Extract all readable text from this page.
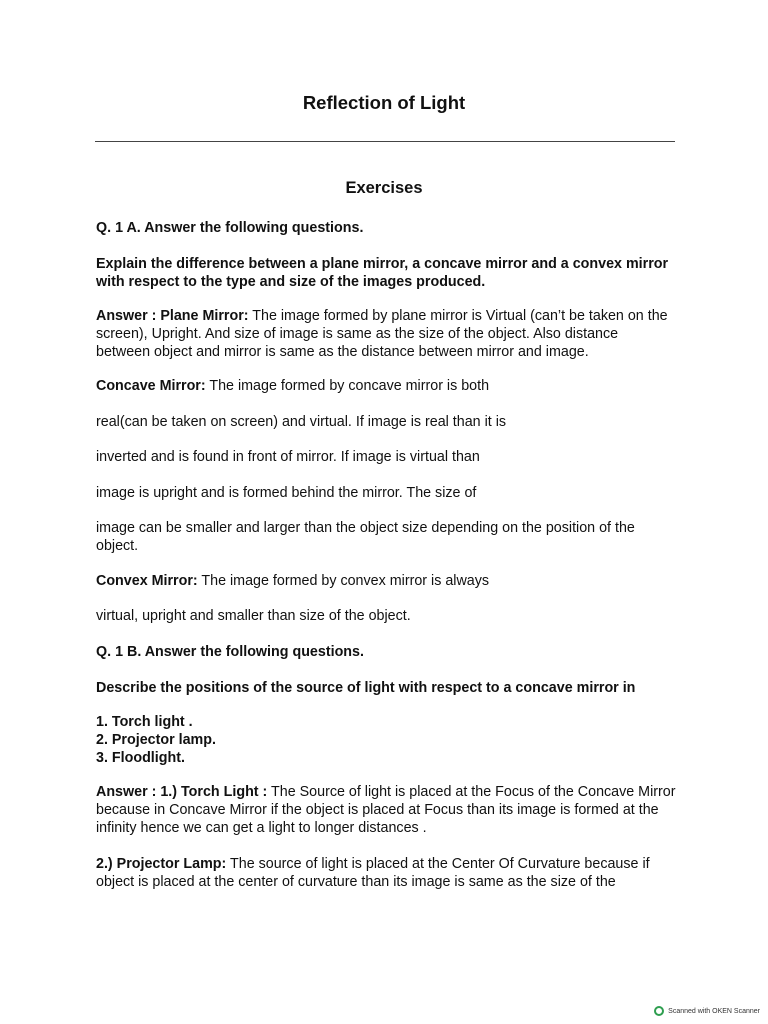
Reflection of Light
Exercises

Q. 1 A. Answer the following questions.

Explain the difference between a plane mirror, a concave mirror and a convex mirror with respect to the type and size of the images produced.

Answer : Plane Mirror: The image formed by plane mirror is Virtual (can’t be taken on the screen), Upright. And size of image is same as the size of the object. Also distance between object and mirror is same as the distance between mirror and image.

Concave Mirror: The image formed by concave mirror is both

real(can be taken on screen) and virtual. If image is real than it is

inverted and is found in front of mirror. If image is virtual than

image is upright and is formed behind the mirror. The size of

image can be smaller and larger than the object size depending on the position of the object.

Convex Mirror: The image formed by convex mirror is always

virtual, upright and smaller than size of the object.

Q. 1 B. Answer the following questions.

Describe the positions of the source of light with respect to a concave mirror in

1. Torch light .
2. Projector lamp.
3. Floodlight.

Answer : 1.) Torch Light : The Source of light is placed at the Focus of the Concave Mirror because in Concave Mirror if the object is placed at Focus than its image is formed at the infinity hence we can get a light to longer distances .

2.) Projector Lamp: The source of light is placed at the Center Of Curvature because if object is placed at the center of curvature than its image is same as the size of the

Scanned with OKEN Scanner
